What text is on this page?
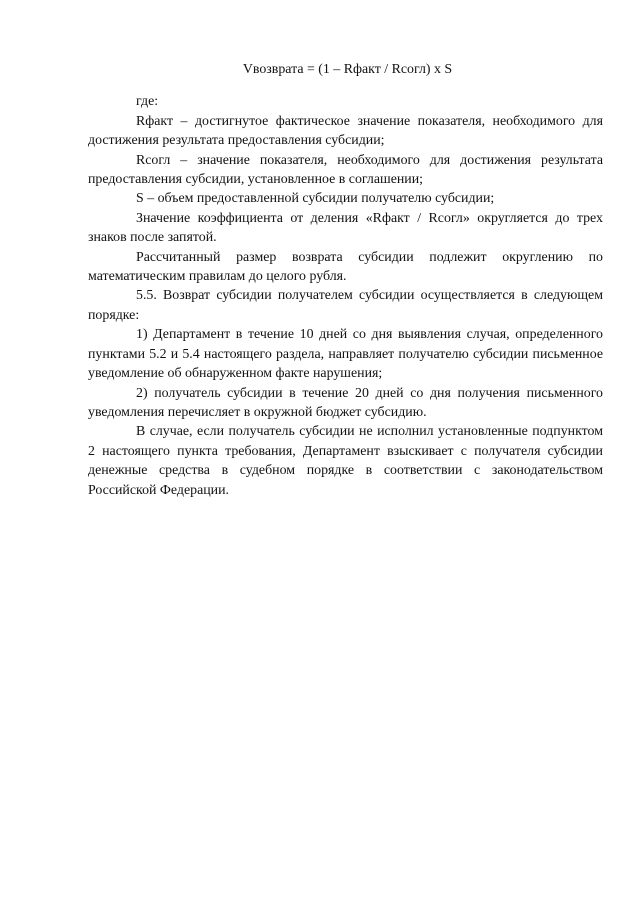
Vвозврата = (1 – Rфакт / Rсогл) х S

где:

Rфакт – достигнутое фактическое значение показателя, необходимого для достижения результата предоставления субсидии;

Rсогл – значение показателя, необходимого для достижения результата предоставления субсидии, установленное в соглашении;

S – объем предоставленной субсидии получателю субсидии;

Значение коэффициента от деления «Rфакт / Rсогл» округляется до трех знаков после запятой.

Рассчитанный размер возврата субсидии подлежит округлению по математическим правилам до целого рубля.

5.5. Возврат субсидии получателем субсидии осуществляется в следующем порядке:

1) Департамент в течение 10 дней со дня выявления случая, определенного пунктами 5.2 и 5.4 настоящего раздела, направляет получателю субсидии письменное уведомление об обнаруженном факте нарушения;

2) получатель субсидии в течение 20 дней со дня получения письменного уведомления перечисляет в окружной бюджет субсидию.

В случае, если получатель субсидии не исполнил установленные подпунктом 2 настоящего пункта требования, Департамент взыскивает с получателя субсидии денежные средства в судебном порядке в соответствии с законодательством Российской Федерации.
